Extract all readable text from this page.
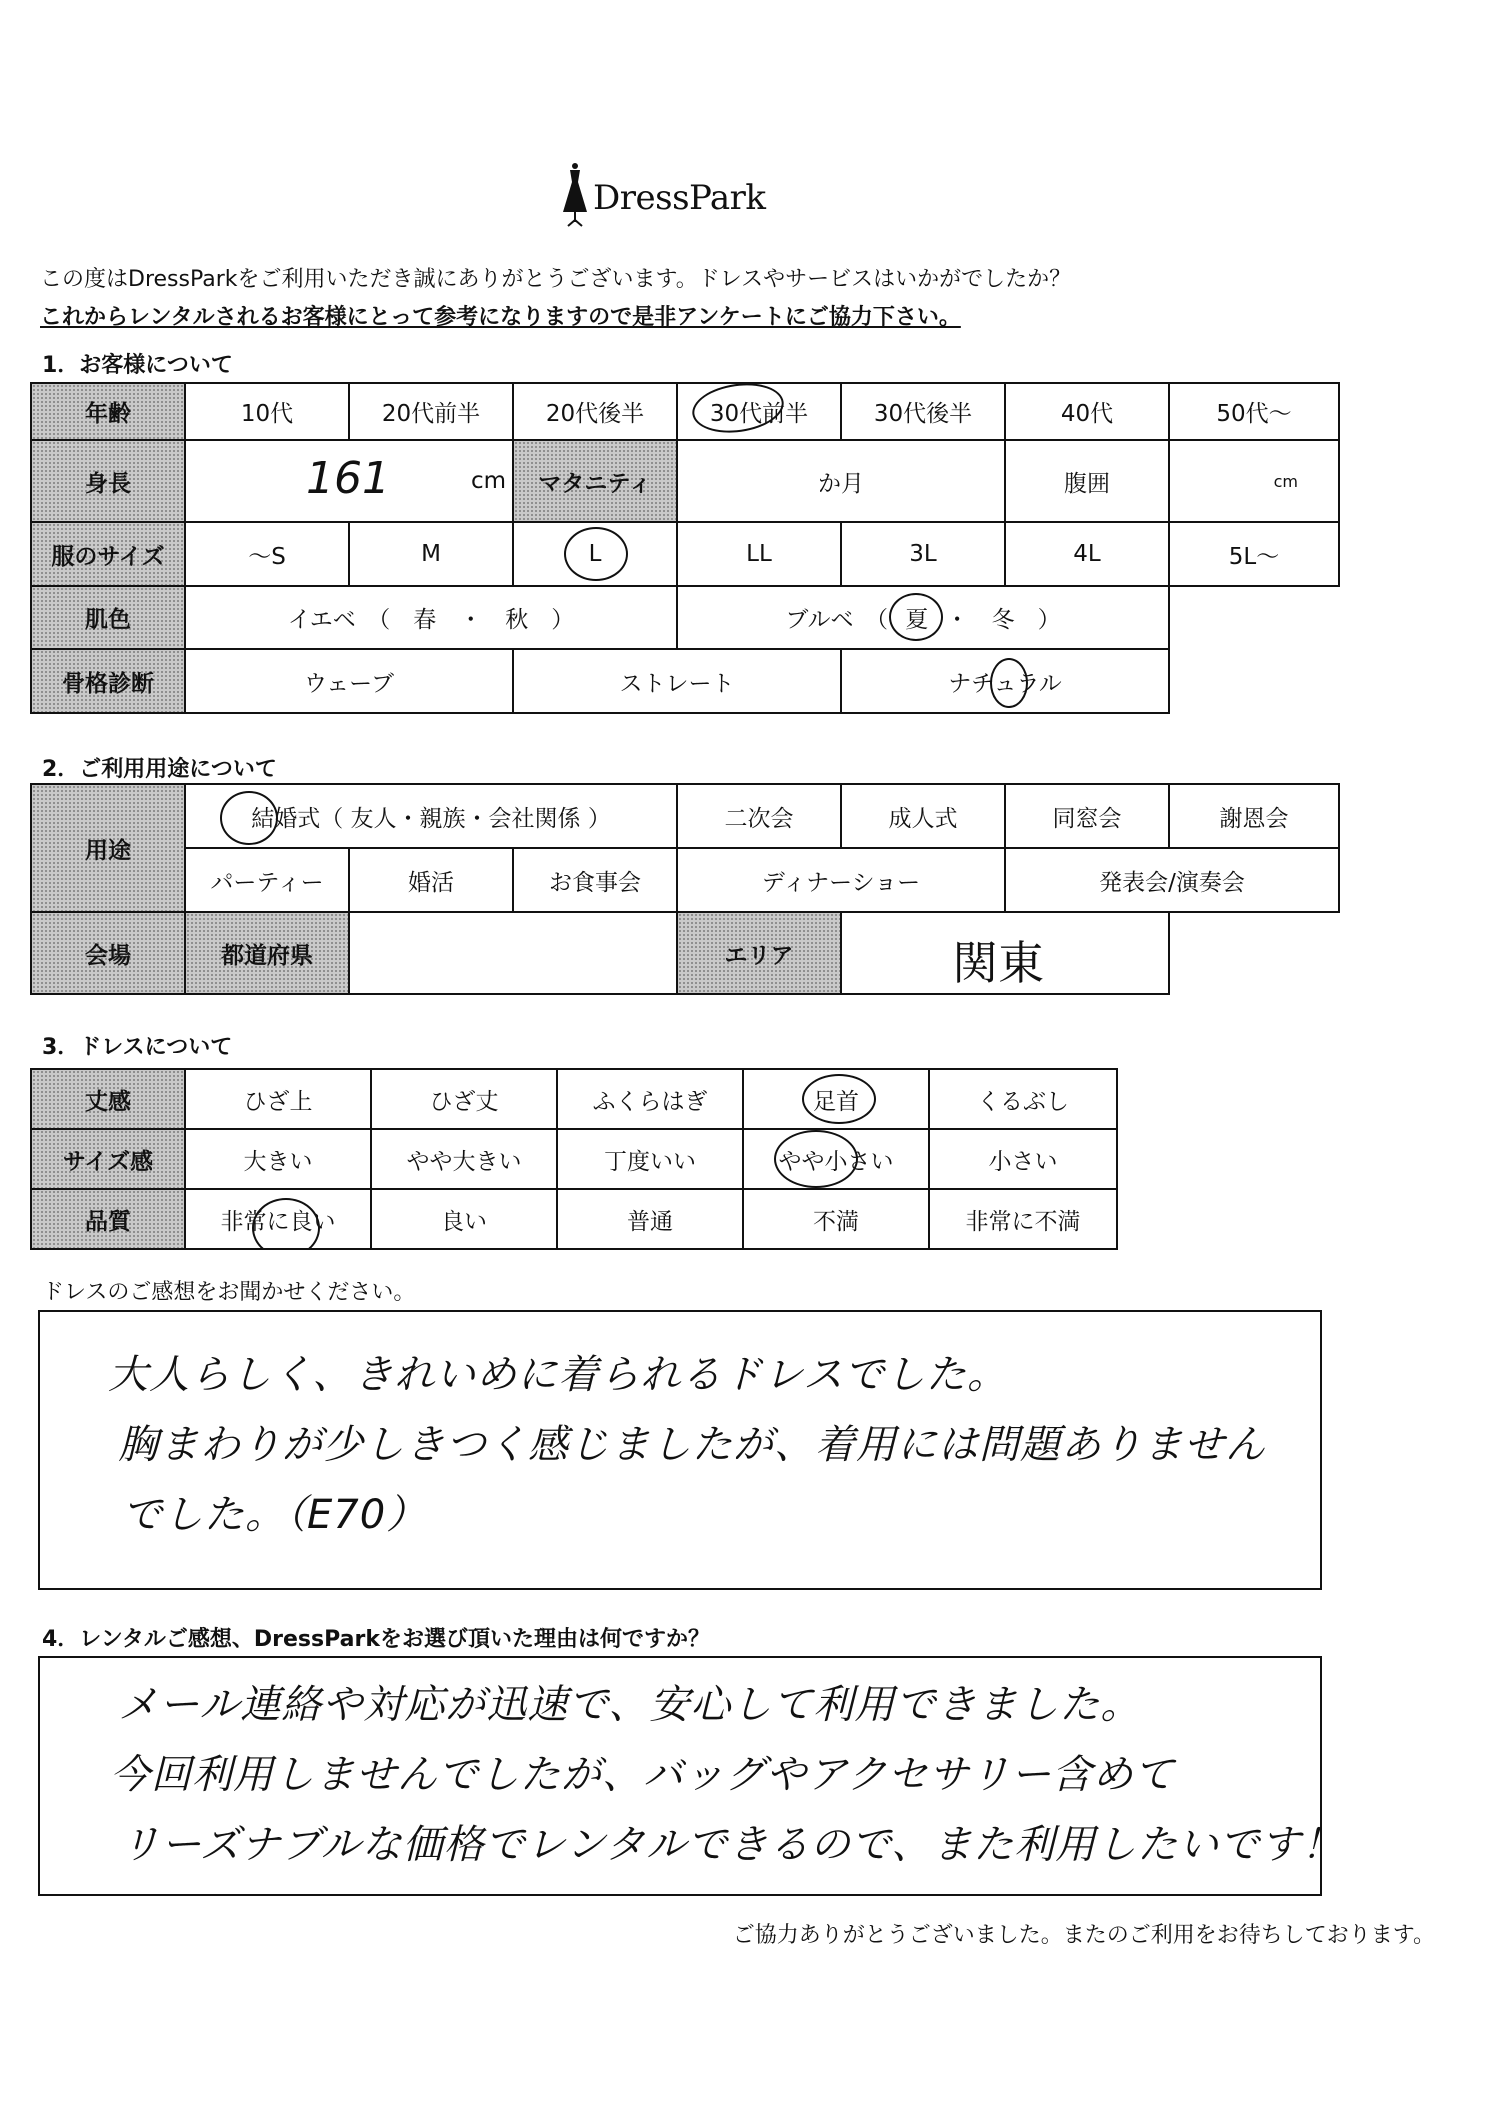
DressPark
この度はDressParkをご利用いただき誠にありがとうございます。ドレスやサービスはいかがでしたか？
これからレンタルされるお客様にとって参考になりますので是非アンケートにご協力下さい。
1．お客様について
年齢	10代	20代前半	20代後半	30代前半	30代後半	40代	50代〜
身長	161 cm		マタニティ	か月		腹囲	cm
服のサイズ	〜S	M	L	LL	3L	4L	5L〜
肌色	イエベ　（　春　・　秋　）			ブルベ　（ 夏 ・　冬　）			
骨格診断	ウェーブ		ストレート		ナチュラル	

2．ご利用用途について
用途	結婚式（ 友人・親族・会社関係 ）			二次会	成人式	同窓会	謝恩会
	パーティー	婚活	お食事会	ディナーショー		発表会/演奏会	
会場	都道府県			エリア	関東		

3．ドレスについて
丈感	ひざ上	ひざ丈	ふくらはぎ	足首	くるぶし
サイズ感	大きい	やや大きい	丁度いい	やや小さい	小さい
品質	非常に良い	良い	普通	不満	非常に不満
ドレスのご感想をお聞かせください。
大人らしく、きれいめに着られるドレスでした。
胸まわりが少しきつく感じましたが、着用には問題ありません
でした。（E70）
4．レンタルご感想、DressParkをお選び頂いた理由は何ですか？
メール連絡や対応が迅速で、安心して利用できました。
今回利用しませんでしたが、バッグやアクセサリー含めて
リーズナブルな価格でレンタルできるので、また利用したいです！
ご協力ありがとうございました。またのご利用をお待ちしております。
